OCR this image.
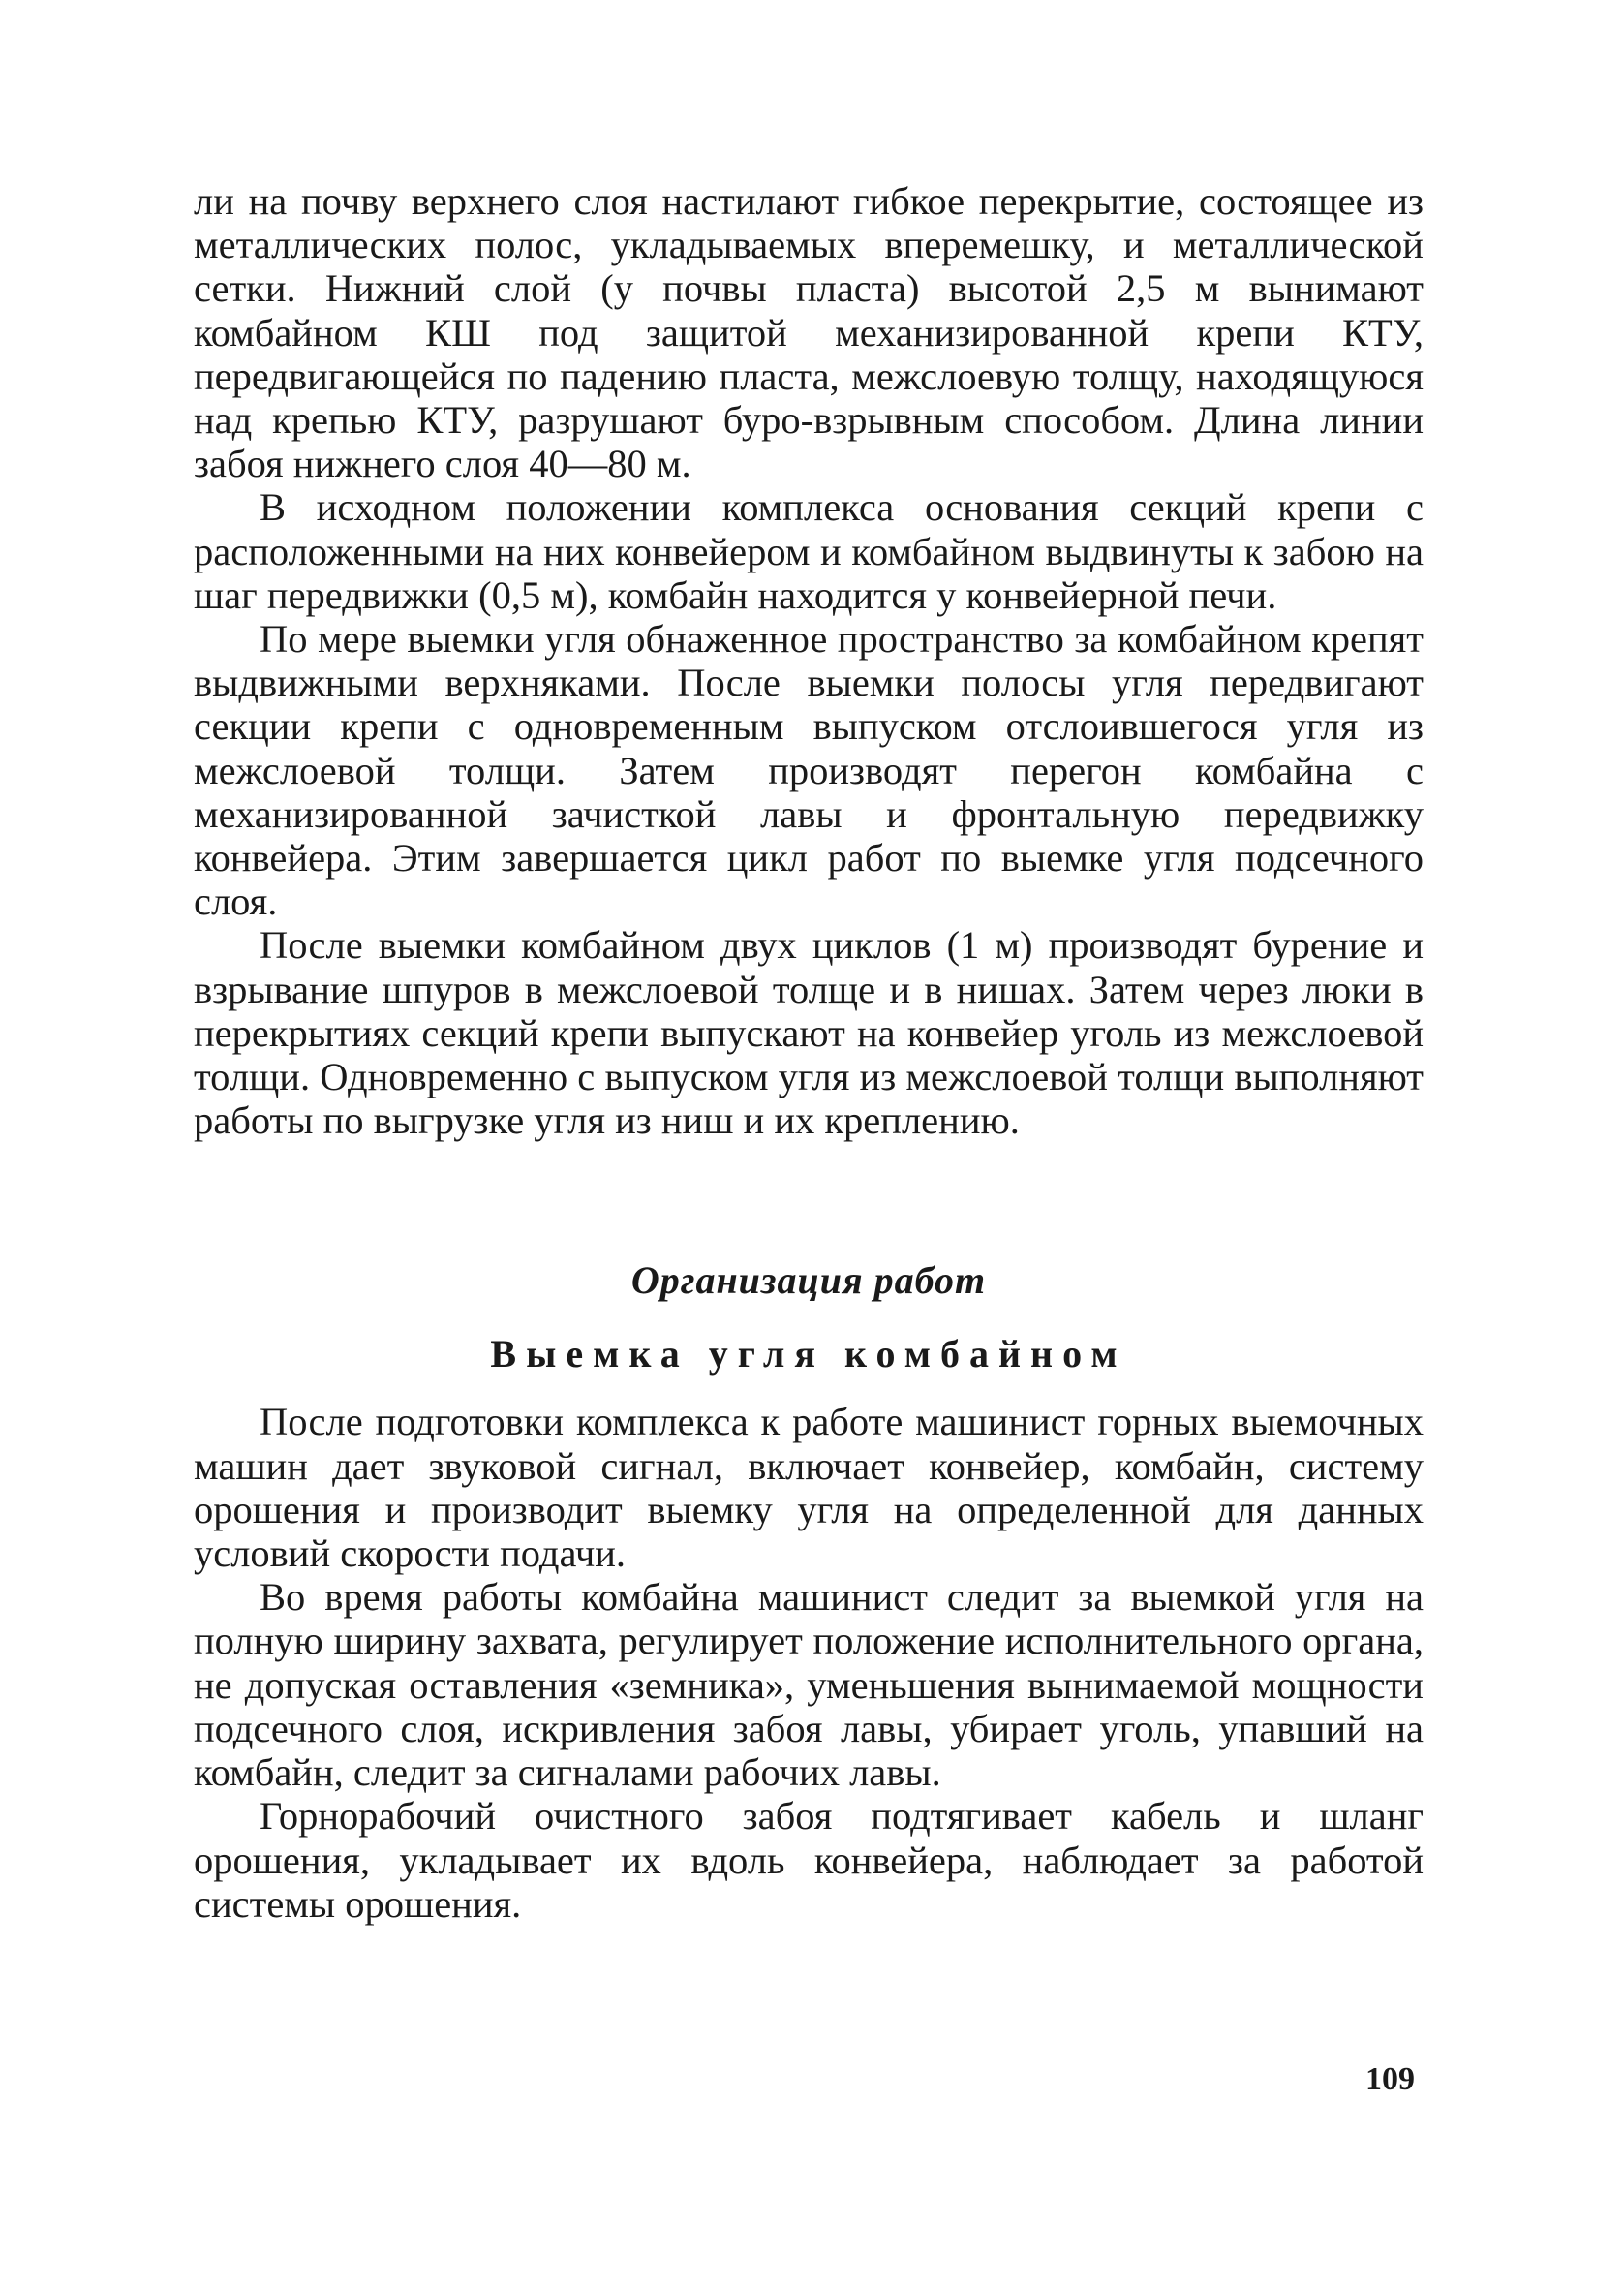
ли на почву верхнего слоя настилают гибкое перекрытие, состоящее из металлических полос, укладываемых вперемешку, и металлической сетки. Нижний слой (у почвы пласта) высотой 2,5 м вынимают комбайном КШ под защитой механизированной крепи КТУ, передвигающейся по падению пласта, межслоевую толщу, находящуюся над крепью КТУ, разрушают буро-взрывным способом. Длина линии забоя нижнего слоя 40—80 м.

В исходном положении комплекса основания секций крепи с расположенными на них конвейером и комбайном выдвинуты к забою на шаг передвижки (0,5 м), комбайн находится у конвейерной печи.

По мере выемки угля обнаженное пространство за комбайном крепят выдвижными верхняками. После выемки полосы угля передвигают секции крепи с одновременным выпуском отслоившегося угля из межслоевой толщи. Затем производят перегон комбайна с механизированной зачисткой лавы и фронтальную передвижку конвейера. Этим завершается цикл работ по выемке угля подсечного слоя.

После выемки комбайном двух циклов (1 м) производят бурение и взрывание шпуров в межслоевой толще и в нишах. Затем через люки в перекрытиях секций крепи выпускают на конвейер уголь из межслоевой толщи. Одновременно с выпуском угля из межслоевой толщи выполняют работы по выгрузке угля из ниш и их креплению.

Организация работ
Выемка угля комбайном

После подготовки комплекса к работе машинист горных выемочных машин дает звуковой сигнал, включает конвейер, комбайн, систему орошения и производит выемку угля на определенной для данных условий скорости подачи.

Во время работы комбайна машинист следит за выемкой угля на полную ширину захвата, регулирует положение исполнительного органа, не допуская оставления «земника», уменьшения вынимаемой мощности подсечного слоя, искривления забоя лавы, убирает уголь, упавший на комбайн, следит за сигналами рабочих лавы.

Горнорабочий очистного забоя подтягивает кабель и шланг орошения, укладывает их вдоль конвейера, наблюдает за работой системы орошения.

109
